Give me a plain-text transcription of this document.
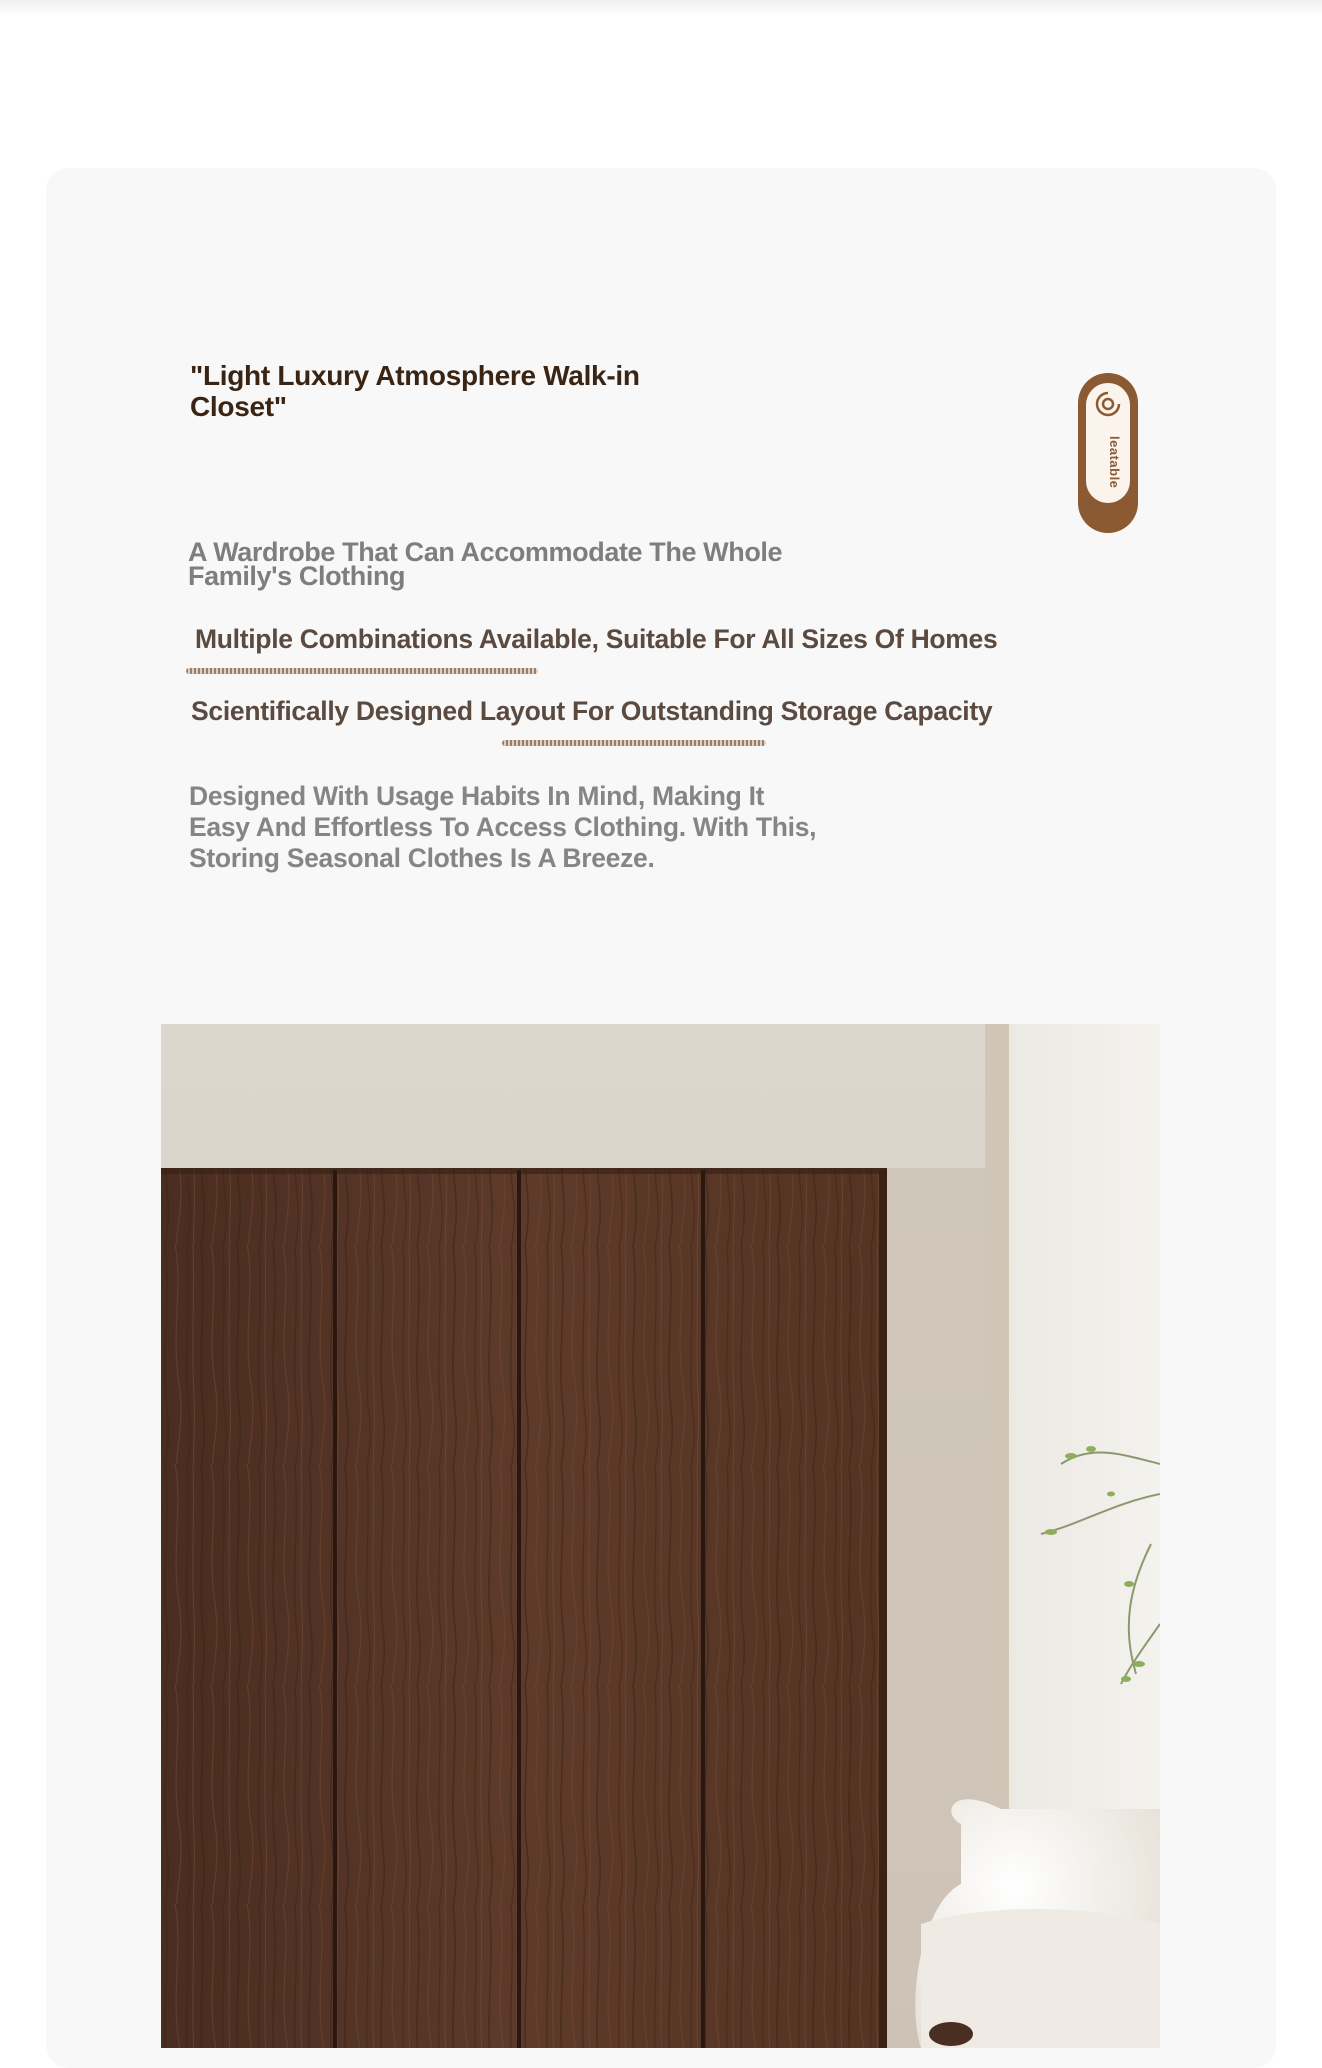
"Light Luxury Atmosphere Walk-in Closet"
A Wardrobe That Can Accommodate The Whole Family's Clothing
Multiple Combinations Available, Suitable For All Sizes Of Homes
Scientifically Designed Layout For Outstanding Storage Capacity
Designed With Usage Habits In Mind, Making It Easy And Effortless To Access Clothing. With This, Storing Seasonal Clothes Is A Breeze.
leatable
